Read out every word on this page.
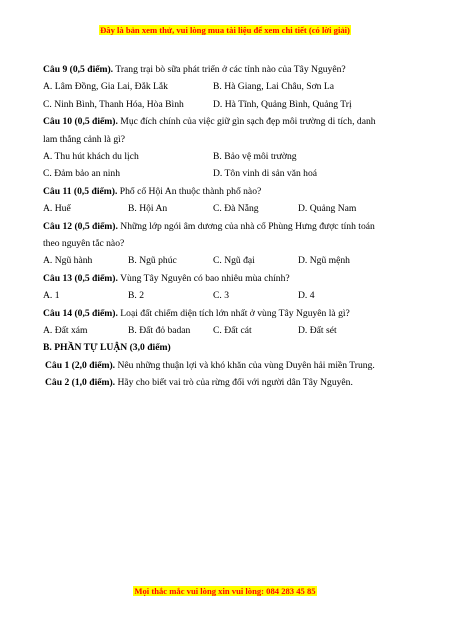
Đây là bản xem thử, vui lòng mua tài liệu để xem chi tiết (có lời giải)
Câu 9 (0,5 điểm). Trang trại bò sữa phát triển ở các tỉnh nào của Tây Nguyên?
A. Lâm Đồng, Gia Lai, Đắk Lắk	B. Hà Giang, Lai Châu, Sơn La
C. Ninh Bình, Thanh Hóa, Hòa Bình	D. Hà Tĩnh, Quảng Bình, Quảng Trị
Câu 10 (0,5 điểm). Mục đích chính của việc giữ gìn sạch đẹp môi trường di tích, danh lam thắng cảnh là gì?
A. Thu hút khách du lịch	B. Bảo vệ môi trường
C. Đảm bảo an ninh	D. Tôn vinh di sản văn hoá
Câu 11 (0,5 điểm). Phố cổ Hội An thuộc thành phố nào?
A. Huế	B. Hội An	C. Đà Nẵng	D. Quảng Nam
Câu 12 (0,5 điểm). Những lớp ngói âm dương của nhà cổ Phùng Hưng được tính toán theo nguyên tắc nào?
A. Ngũ hành	B. Ngũ phúc	C. Ngũ đại	D. Ngũ mệnh
Câu 13 (0,5 điểm). Vùng Tây Nguyên có bao nhiêu mùa chính?
A. 1	B. 2	C. 3	D. 4
Câu 14 (0,5 điểm). Loại đất chiếm diện tích lớn nhất ở vùng Tây Nguyên là gì?
A. Đất xám	B. Đất đỏ badan	C. Đất cát	D. Đất sét
B. PHẦN TỰ LUẬN (3,0 điểm)
Câu 1 (2,0 điểm). Nêu những thuận lợi và khó khăn của vùng Duyên hải miền Trung.
Câu 2 (1,0 điểm). Hãy cho biết vai trò của rừng đối với người dân Tây Nguyên.
Mọi thắc mắc vui lòng xin vui lòng: 084 283 45 85
